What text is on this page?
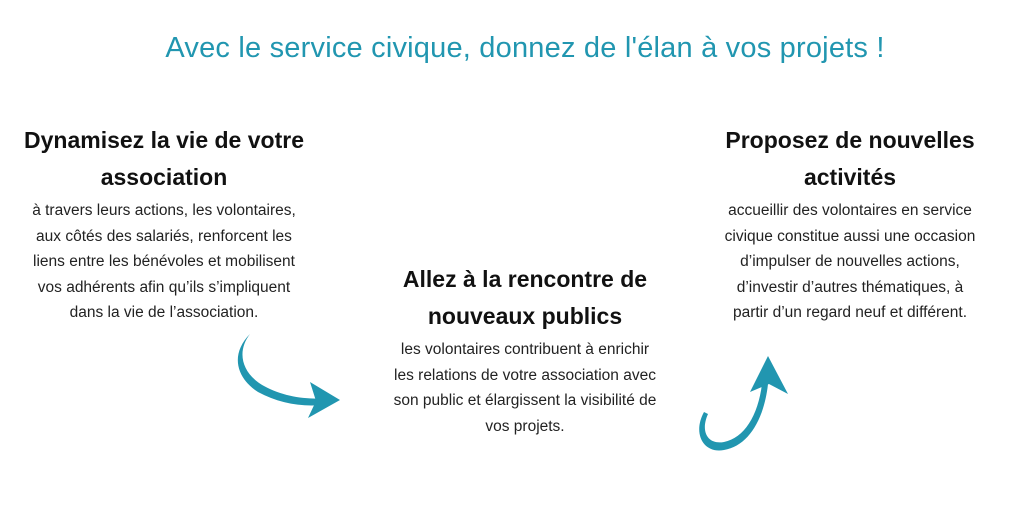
Avec le service civique, donnez de l'élan à vos projets !
Dynamisez la vie de votre
association

à travers leurs actions, les volontaires,
aux côtés des salariés, renforcent les
liens entre les bénévoles et mobilisent
vos adhérents afin qu’ils s’impliquent
dans la vie de l’association.

Allez à la rencontre de
nouveaux publics

les volontaires contribuent à enrichir
les relations de votre association avec
son public et élargissent la visibilité de
vos projets.

Proposez de nouvelles
activités

accueillir des volontaires en service
civique constitue aussi une occasion
d’impulser de nouvelles actions,
d’investir d’autres thématiques, à
partir d’un regard neuf et différent.
